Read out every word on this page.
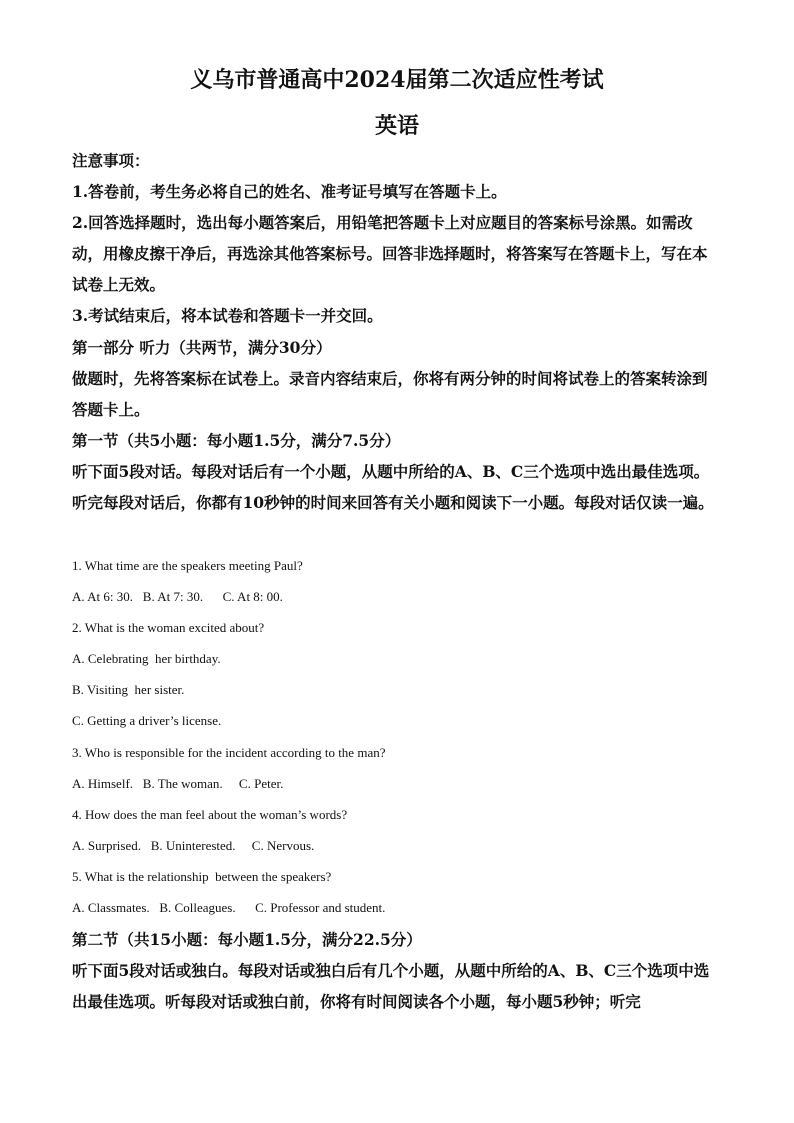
义乌市普通高中2024届第二次适应性考试
英语
注意事项：
1.答卷前，考生务必将自己的姓名、准考证号填写在答题卡上。
2.回答选择题时，选出每小题答案后，用铅笔把答题卡上对应题目的答案标号涂黑。如需改动，用橡皮擦干净后，再选涂其他答案标号。回答非选择题时，将答案写在答题卡上，写在本试卷上无效。
3.考试结束后，将本试卷和答题卡一并交回。
第一部分 听力（共两节，满分30分）
做题时，先将答案标在试卷上。录音内容结束后，你将有两分钟的时间将试卷上的答案转涂到答题卡上。
第一节（共5小题：每小题1.5分，满分7.5分）
听下面5段对话。每段对话后有一个小题，从题中所给的A、B、C三个选项中选出最佳选项。听完每段对话后，你都有10秒钟的时间来回答有关小题和阅读下一小题。每段对话仅读一遍。
1. What time are the speakers meeting Paul?
A. At 6: 30.   B. At 7: 30.      C. At 8: 00.
2. What is the woman excited about?
A. Celebrating  her birthday.
B. Visiting  her sister.
C. Getting a driver’s license.
3. Who is responsible for the incident according to the man?
A. Himself.   B. The woman.     C. Peter.
4. How does the man feel about the woman’s words?
A. Surprised.   B. Uninterested.     C. Nervous.
5. What is the relationship  between the speakers?
A. Classmates.   B. Colleagues.      C. Professor and student.
第二节（共15小题：每小题1.5分，满分22.5分）
听下面5段对话或独白。每段对话或独白后有几个小题，从题中所给的A、B、C三个选项中选出最佳选项。听每段对话或独白前，你将有时间阅读各个小题，每小题5秒钟；听完
